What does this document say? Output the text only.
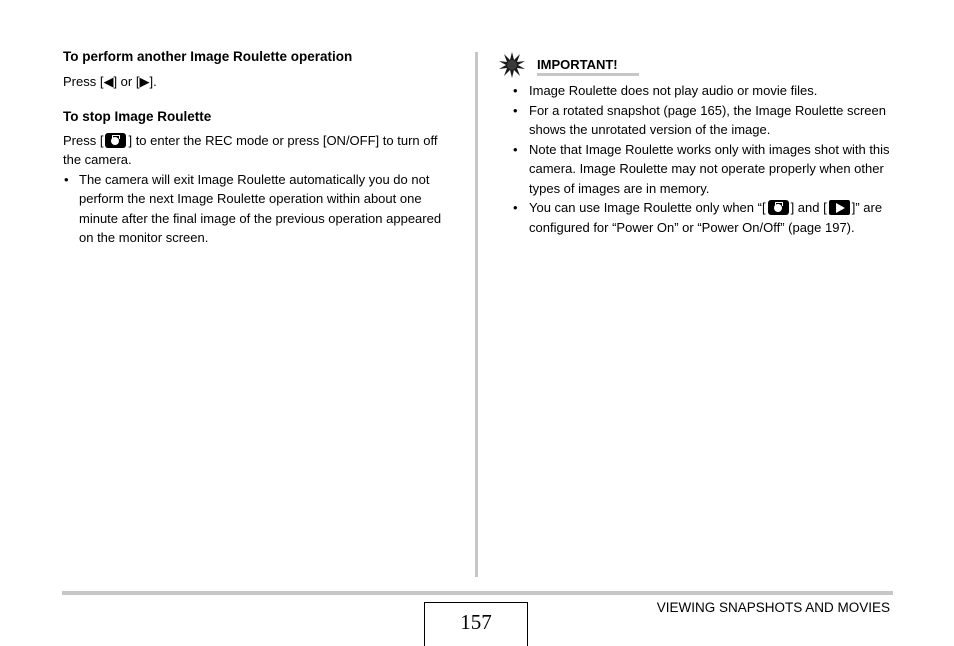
To perform another Image Roulette operation

Press [◀] or [▶].

To stop Image Roulette

Press [ ] to enter the REC mode or press [ON/OFF] to turn off the camera.

• The camera will exit Image Roulette automatically you do not perform the next Image Roulette operation within about one minute after the final image of the previous operation appeared on the monitor screen.
IMPORTANT!
• Image Roulette does not play audio or movie files.
• For a rotated snapshot (page 165), the Image Roulette screen shows the unrotated version of the image.
• Note that Image Roulette works only with images shot with this camera. Image Roulette may not operate properly when other types of images are in memory.
• You can use Image Roulette only when “[ ] and [ ]” are configured for “Power On” or “Power On/Off” (page 197).
157
VIEWING SNAPSHOTS AND MOVIES
